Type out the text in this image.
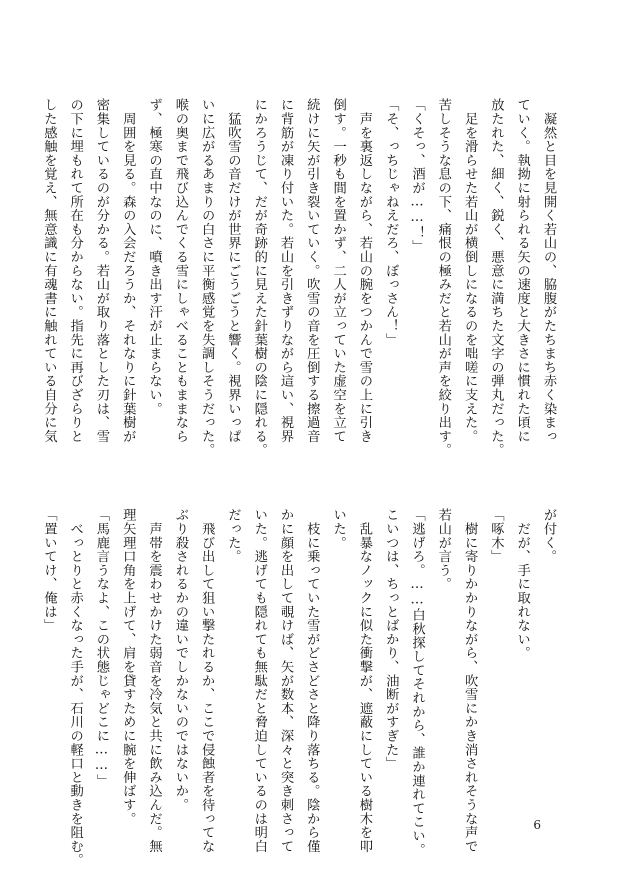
　凝然と目を見開く若山の、脇腹がたちまち赤く染まっ
ていく。執拗に射られる矢の速度と大きさに慣れた頃に
放たれた、細く、鋭く、悪意に満ちた文字の弾丸だった。
　足を滑らせた若山が横倒しになるのを咄嗟に支えた。
苦しそうな息の下、痛恨の極みだと若山が声を絞り出す。
「くそっ、酒が……！」
「そ、っちじゃねえだろ、ぼっさん！」
　声を裏返しながら、若山の腕をつかんで雪の上に引き
倒す。一秒も間を置かず、二人が立っていた虚空を立て
続けに矢が引き裂いていく。吹雪の音を圧倒する擦過音
に背筋が凍り付いた。若山を引きずりながら這い、視界
にかろうじて、だが奇跡的に見えた針葉樹の陰に隠れる。
　猛吹雪の音だけが世界にごうごうと響く。視界いっぱ
いに広がるあまりの白さに平衡感覚を失調しそうだった。
喉の奥まで飛び込んでくる雪にしゃべることもままなら
ず、極寒の直中なのに、噴き出す汗が止まらない。
　周囲を見る。森の入会だろうか、それなりに針葉樹が
密集しているのが分かる。若山が取り落とした刃は、雪
の下に埋もれて所在も分からない。指先に再びざらりと
した感触を覚え、無意識に有魂書に触れている自分に気
が付く。
　だが、手に取れない。
「啄木」
　樹に寄りかかりながら、吹雪にかき消されそうな声で
若山が言う。
「逃げろ。……白秋探してそれから、誰か連れてこい。
こいつは、ちっとばかり、油断がすぎた」
　乱暴なノックに似た衝撃が、遮蔽にしている樹木を叩
いた。
　枝に乗っていた雪がどさどさと降り落ちる。陰から僅
かに顔を出して覗けば、矢が数本、深々と突き刺さって
いた。逃げても隠れても無駄だと脅迫しているのは明白
だった。
　飛び出して狙い撃たれるか、ここで侵蝕者を待ってな
ぶり殺されるかの違いでしかないのではないか。
　声帯を震わせかけた弱音を冷気と共に飲み込んだ。無
理矢理口角を上げて、肩を貸すために腕を伸ばす。
「馬鹿言うなよ、この状態じゃどこに……」
　べっとりと赤くなった手が、石川の軽口と動きを阻む。
「置いてけ、俺は」
6
